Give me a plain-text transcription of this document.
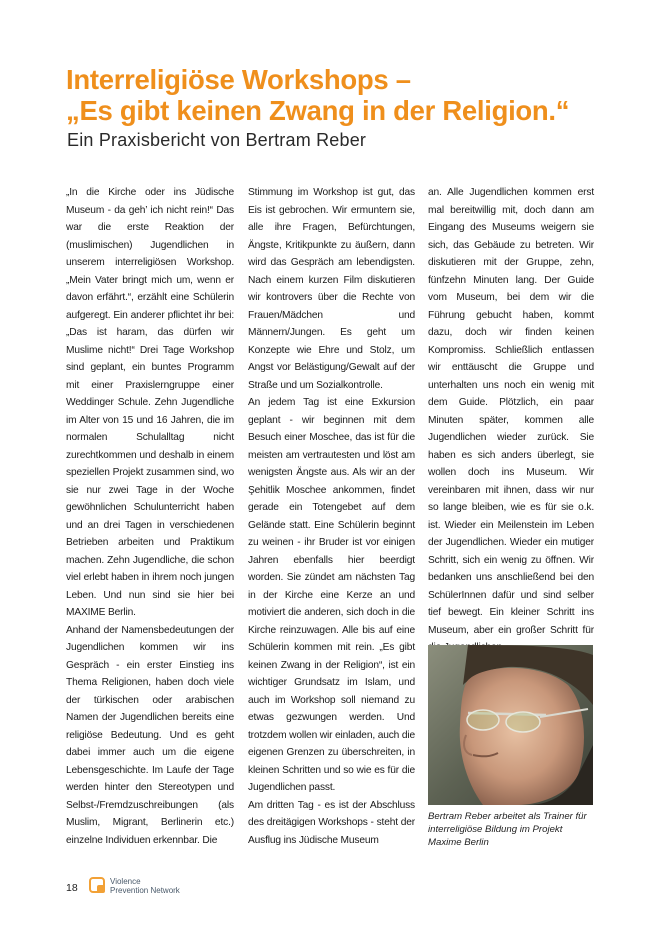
Interreligiöse Workshops –
„Es gibt keinen Zwang in der Religion.“
Ein Praxisbericht von Bertram Reber

„In die Kirche oder ins Jüdische Museum - da geh’ ich nicht rein!“ Das war die erste Reaktion der (muslimischen) Jugendlichen in unserem interreligiösen Workshop. „Mein Vater bringt mich um, wenn er davon erfährt.“, erzählt eine Schülerin aufgeregt. Ein anderer pflichtet ihr bei: „Das ist haram, das dürfen wir Muslime nicht!“ Drei Tage Workshop sind geplant, ein buntes Programm mit einer Praxislerngruppe einer Weddinger Schule. Zehn Jugendliche im Alter von 15 und 16 Jahren, die im normalen Schulalltag nicht zurechtkommen und deshalb in einem speziellen Projekt zusammen sind, wo sie nur zwei Tage in der Woche gewöhnlichen Schulunterricht haben und an drei Tagen in verschiedenen Betrieben arbeiten und Praktikum machen. Zehn Jugendliche, die schon viel erlebt haben in ihrem noch jungen Leben. Und nun sind sie hier bei MAXIME Berlin.

Anhand der Namensbedeutungen der Jugendlichen kommen wir ins Gespräch - ein erster Einstieg ins Thema Religionen, haben doch viele der türkischen oder arabischen Namen der Jugendlichen bereits eine religiöse Bedeutung. Und es geht dabei immer auch um die eigene Lebensgeschichte. Im Laufe der Tage werden hinter den Stereotypen und Selbst-/Fremdzuschreibungen (als Muslim, Migrant, Berlinerin etc.) einzelne Individuen erkennbar. Die

Stimmung im Workshop ist gut, das Eis ist gebrochen. Wir ermuntern sie, alle ihre Fragen, Befürchtungen, Ängste, Kritikpunkte zu äußern, dann wird das Gespräch am lebendigsten. Nach einem kurzen Film diskutieren wir kontrovers über die Rechte von Frauen/Mädchen und Männern/Jungen. Es geht um Konzepte wie Ehre und Stolz, um Angst vor Belästigung/Gewalt auf der Straße und um Sozialkontrolle.

An jedem Tag ist eine Exkursion geplant - wir beginnen mit dem Besuch einer Moschee, das ist für die meisten am vertrautesten und löst am wenigsten Ängste aus. Als wir an der Şehitlik Moschee ankommen, findet gerade ein Totengebet auf dem Gelände statt. Eine Schülerin beginnt zu weinen - ihr Bruder ist vor einigen Jahren ebenfalls hier beerdigt worden. Sie zündet am nächsten Tag in der Kirche eine Kerze an und motiviert die anderen, sich doch in die Kirche reinzuwagen. Alle bis auf eine Schülerin kommen mit rein. „Es gibt keinen Zwang in der Religion“, ist ein wichtiger Grundsatz im Islam, und auch im Workshop soll niemand zu etwas gezwungen werden. Und trotzdem wollen wir einladen, auch die eigenen Grenzen zu überschreiten, in kleinen Schritten und so wie es für die Jugendlichen passt.

Am dritten Tag - es ist der Abschluss des dreitägigen Workshops - steht der Ausflug ins Jüdische Museum

an. Alle Jugendlichen kommen erst mal bereitwillig mit, doch dann am Eingang des Museums weigern sie sich, das Gebäude zu betreten. Wir diskutieren mit der Gruppe, zehn, fünfzehn Minuten lang. Der Guide vom Museum, bei dem wir die Führung gebucht haben, kommt dazu, doch wir finden keinen Kompromiss. Schließlich entlassen wir enttäuscht die Gruppe und unterhalten uns noch ein wenig mit dem Guide. Plötzlich, ein paar Minuten später, kommen alle Jugendlichen wieder zurück. Sie haben es sich anders überlegt, sie wollen doch ins Museum. Wir vereinbaren mit ihnen, dass wir nur so lange bleiben, wie es für sie o.k. ist. Wieder ein Meilenstein im Leben der Jugendlichen. Wieder ein mutiger Schritt, sich ein wenig zu öffnen. Wir bedanken uns anschließend bei den SchülerInnen dafür und sind selber tief bewegt. Ein kleiner Schritt ins Museum, aber ein großer Schritt für

Bertram Reber arbeitet als Trainer für interreligiöse Bildung im Projekt Maxime Berlin
18
Violence
Prevention Network
